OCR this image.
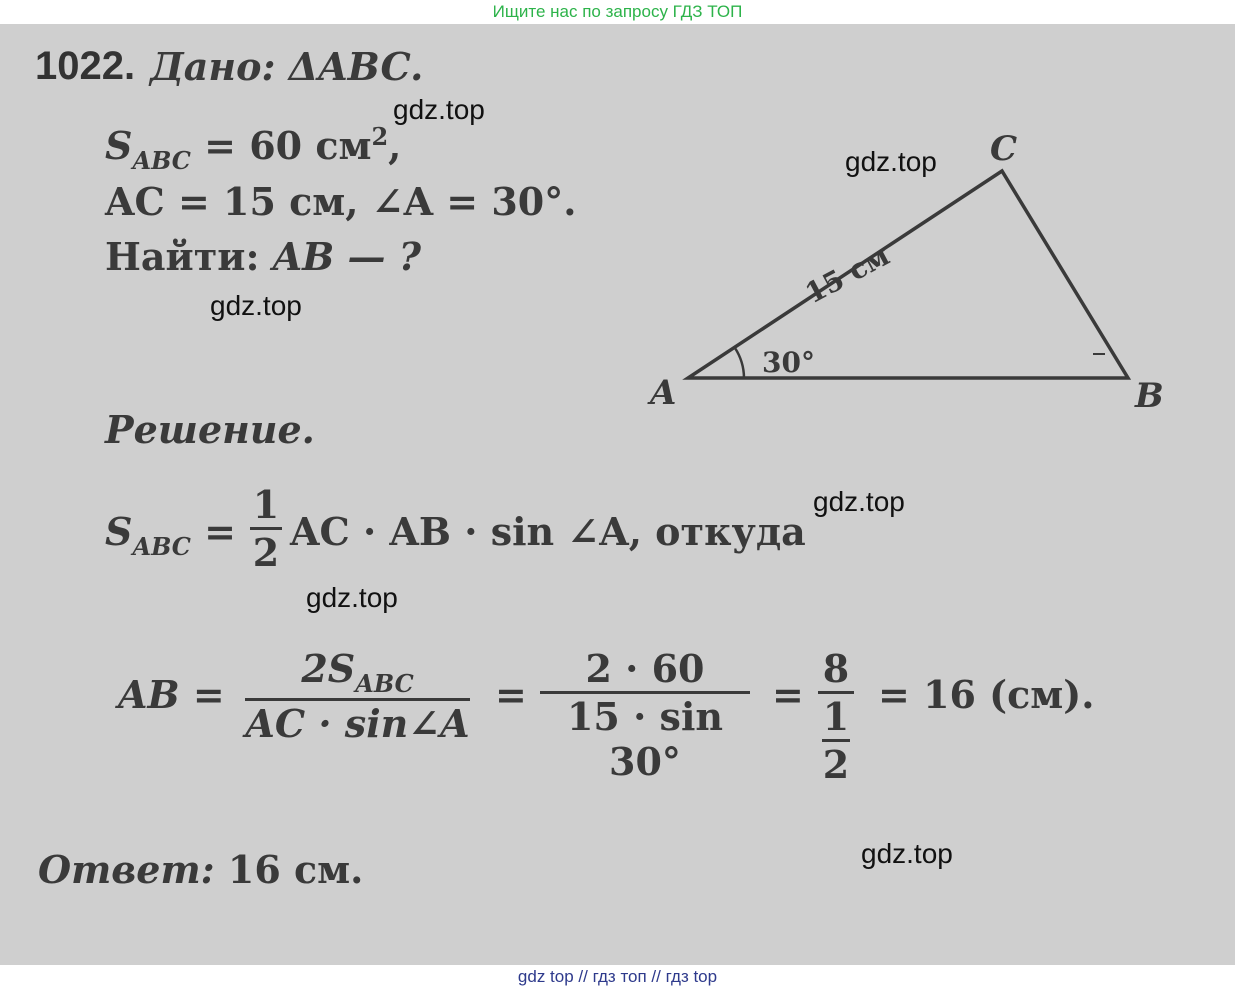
Ищите нас по запросу ГДЗ ТОП
1022. Дано: ΔABC.
$S_{ABC} = 60$ $см^2$,
AC = 15 см, ∠A = 30°.
Найти: AB — ?
30°
A	B
C
15 см
Решение.
$S_{ABC}$ =
1
2 AC · AB · sin ∠A, откуда
AB =
$2S_{ABC}$
AC · sin∠A
=
2 · 60
15 · sin 30°
=
8
1
2
= 16 (см).
Ответ: 16 см.
gdz.top
gdz.top
gdz.top
gdz.top
gdz.top
gdz.top
gdz top // гдз топ // гдз top
